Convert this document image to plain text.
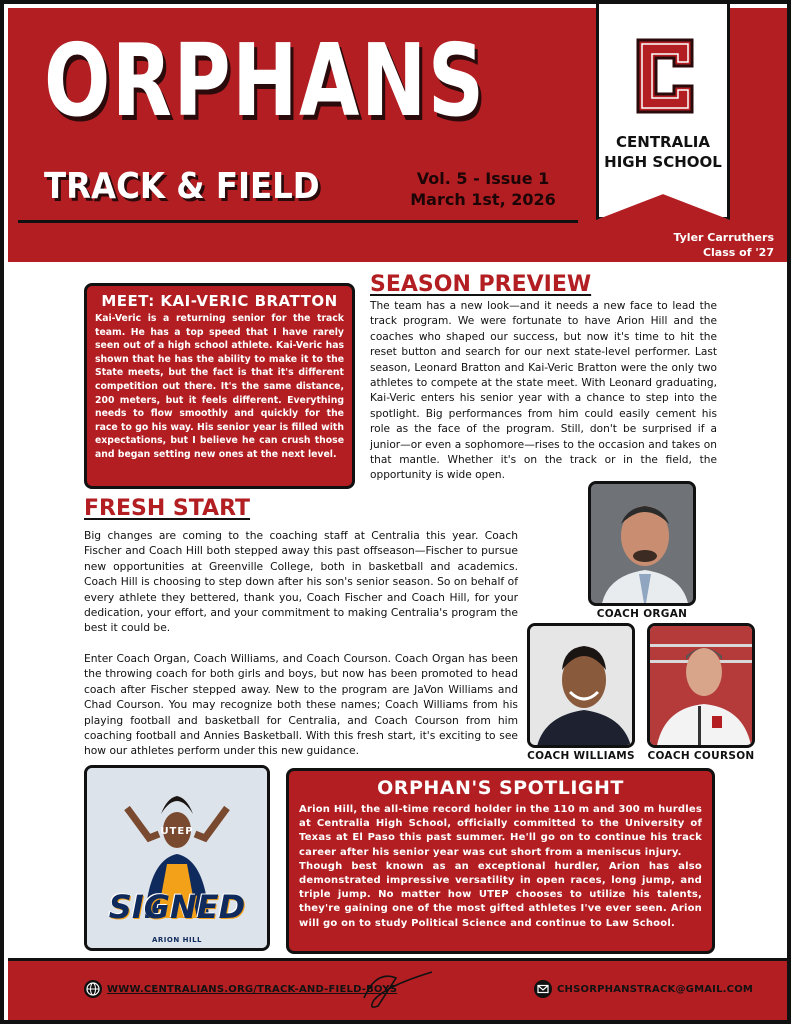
ORPHANS
TRACK & FIELD	Vol. 5 - Issue 1
March 1st, 2026
CENTRALIA
HIGH SCHOOL
Tyler Carruthers
Class of '27
MEET: KAI-VERIC BRATTON

Kai-Veric is a returning senior for the track team. He has a top speed that I have rarely seen out of a high school athlete. Kai-Veric has shown that he has the ability to make it to the State meets, but the fact is that it's different competition out there. It's the same distance, 200 meters, but it feels different. Everything needs to flow smoothly and quickly for the race to go his way. His senior year is filled with expectations, but I believe he can crush those and began setting new ones at the next level.

SEASON PREVIEW
The team has a new look—and it needs a new face to lead the track program. We were fortunate to have Arion Hill and the coaches who shaped our success, but now it's time to hit the reset button and search for our next state-level performer. Last season, Leonard Bratton and Kai-Veric Bratton were the only two athletes to compete at the state meet. With Leonard graduating, Kai-Veric enters his senior year with a chance to step into the spotlight. Big performances from him could easily cement his role as the face of the program. Still, don't be surprised if a junior—or even a sophomore—rises to the occasion and takes on that mantle. Whether it's on the track or in the field, the opportunity is wide open.
FRESH START
Big changes are coming to the coaching staff at Centralia this year. Coach Fischer and Coach Hill both stepped away this past offseason—Fischer to pursue new opportunities at Greenville College, both in basketball and academics. Coach Hill is choosing to step down after his son's senior season. So on behalf of every athlete they bettered, thank you, Coach Fischer and Coach Hill, for your dedication, your effort, and your commitment to making Centralia's program the best it could be.
Enter Coach Organ, Coach Williams, and Coach Courson. Coach Organ has been the throwing coach for both girls and boys, but now has been promoted to head coach after Fischer stepped away. New to the program are JaVon Williams and Chad Courson. You may recognize both these names; Coach Williams from his playing football and basketball for Centralia, and Coach Courson from him coaching football and Annies Basketball. With this fresh start, it's exciting to see how our athletes perform under this new guidance.
COACH ORGAN
COACH WILLIAMS COACH COURSON
UTEP
SIGNED
ARION HILL
ORPHAN'S SPOTLIGHT

Arion Hill, the all-time record holder in the 110 m and 300 m hurdles at Centralia High School, officially committed to the University of Texas at El Paso this past summer. He'll go on to continue his track career after his senior year was cut short from a meniscus injury.

Though best known as an exceptional hurdler, Arion has also demonstrated impressive versatility in open races, long jump, and triple jump. No matter how UTEP chooses to utilize his talents, they're gaining one of the most gifted athletes I've ever seen. Arion will go on to study Political Science and continue to Law School.

WWW.CENTRALIANS.ORG/TRACK-AND-FIELD-BOYS	CHSORPHANSTRACK@GMAIL.COM
